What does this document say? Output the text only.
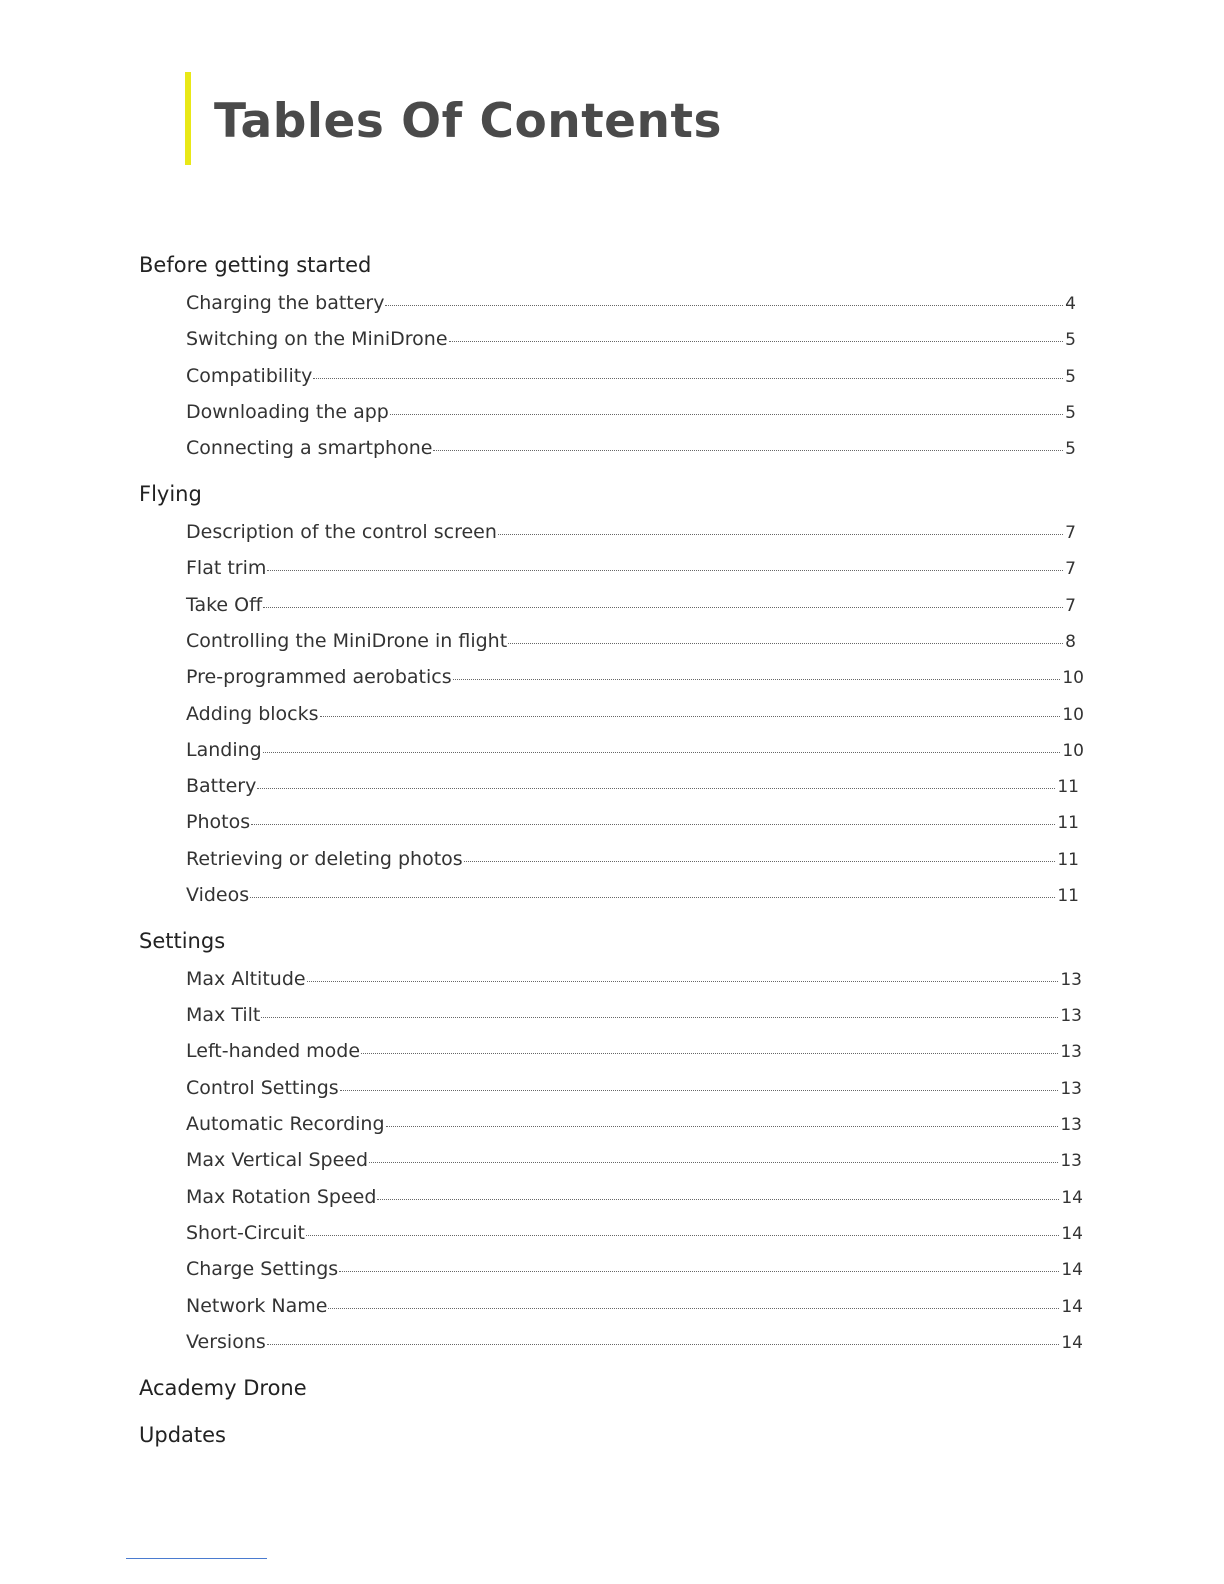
Tables Of Contents
Before getting started
Charging the battery	4
Switching on the MiniDrone	5
Compatibility	5
Downloading the app	5
Connecting a smartphone	5
Flying
Description of the control screen	7
Flat trim	7
Take Off	7
Controlling the MiniDrone in flight	8
Pre-programmed aerobatics	10
Adding blocks	10
Landing	10
Battery	11
Photos	11
Retrieving or deleting photos	11
Videos	11
Settings
Max Altitude	13
Max Tilt	13
Left-handed mode	13
Control Settings	13
Automatic Recording	13
Max Vertical Speed	13
Max Rotation Speed	14
Short-Circuit	14
Charge Settings	14
Network Name	14
Versions	14
Academy Drone
Updates
